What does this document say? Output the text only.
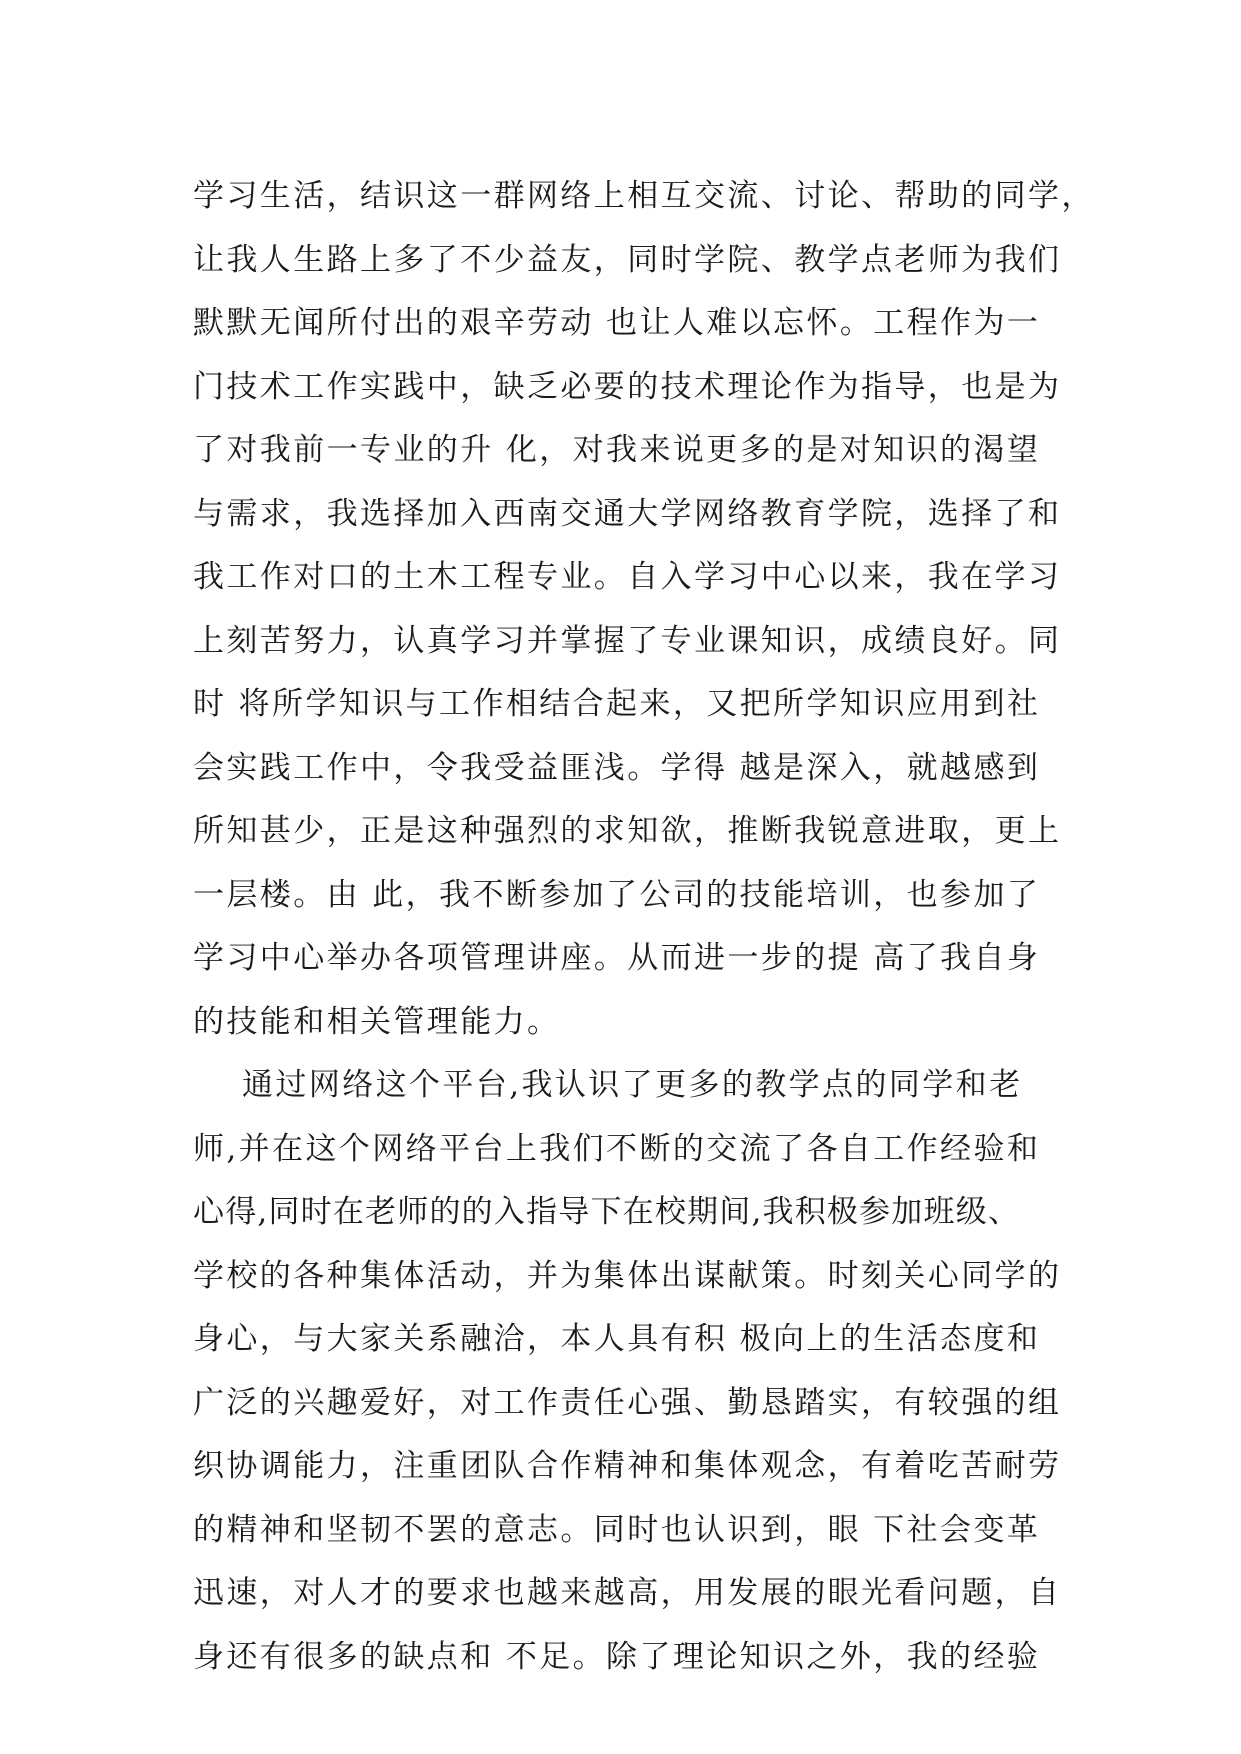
学习生活，结识这一群网络上相互交流、讨论、帮助的同学，
让我人生路上多了不少益友，同时学院、教学点老师为我们
默默无闻所付出的艰辛劳动 也让人难以忘怀。工程作为一
门技术工作实践中，缺乏必要的技术理论作为指导，也是为
了对我前一专业的升 化，对我来说更多的是对知识的渴望
与需求，我选择加入西南交通大学网络教育学院，选择了和
我工作对口的土木工程专业。自入学习中心以来，我在学习
上刻苦努力，认真学习并掌握了专业课知识，成绩良好。同
时 将所学知识与工作相结合起来，又把所学知识应用到社
会实践工作中，令我受益匪浅。学得 越是深入，就越感到
所知甚少，正是这种强烈的求知欲，推断我锐意进取，更上
一层楼。由 此，我不断参加了公司的技能培训，也参加了
学习中心举办各项管理讲座。从而进一步的提 高了我自身
的技能和相关管理能力。
通过网络这个平台,我认识了更多的教学点的同学和老
师,并在这个网络平台上我们不断的交流了各自工作经验和
心得,同时在老师的的入指导下在校期间,我积极参加班级、
学校的各种集体活动，并为集体出谋献策。时刻关心同学的
身心，与大家关系融洽，本人具有积 极向上的生活态度和
广泛的兴趣爱好，对工作责任心强、勤恳踏实，有较强的组
织协调能力，注重团队合作精神和集体观念，有着吃苦耐劳
的精神和坚韧不罢的意志。同时也认识到，眼 下社会变革
迅速，对人才的要求也越来越高，用发展的眼光看问题，自
身还有很多的缺点和 不足。除了理论知识之外，我的经验
